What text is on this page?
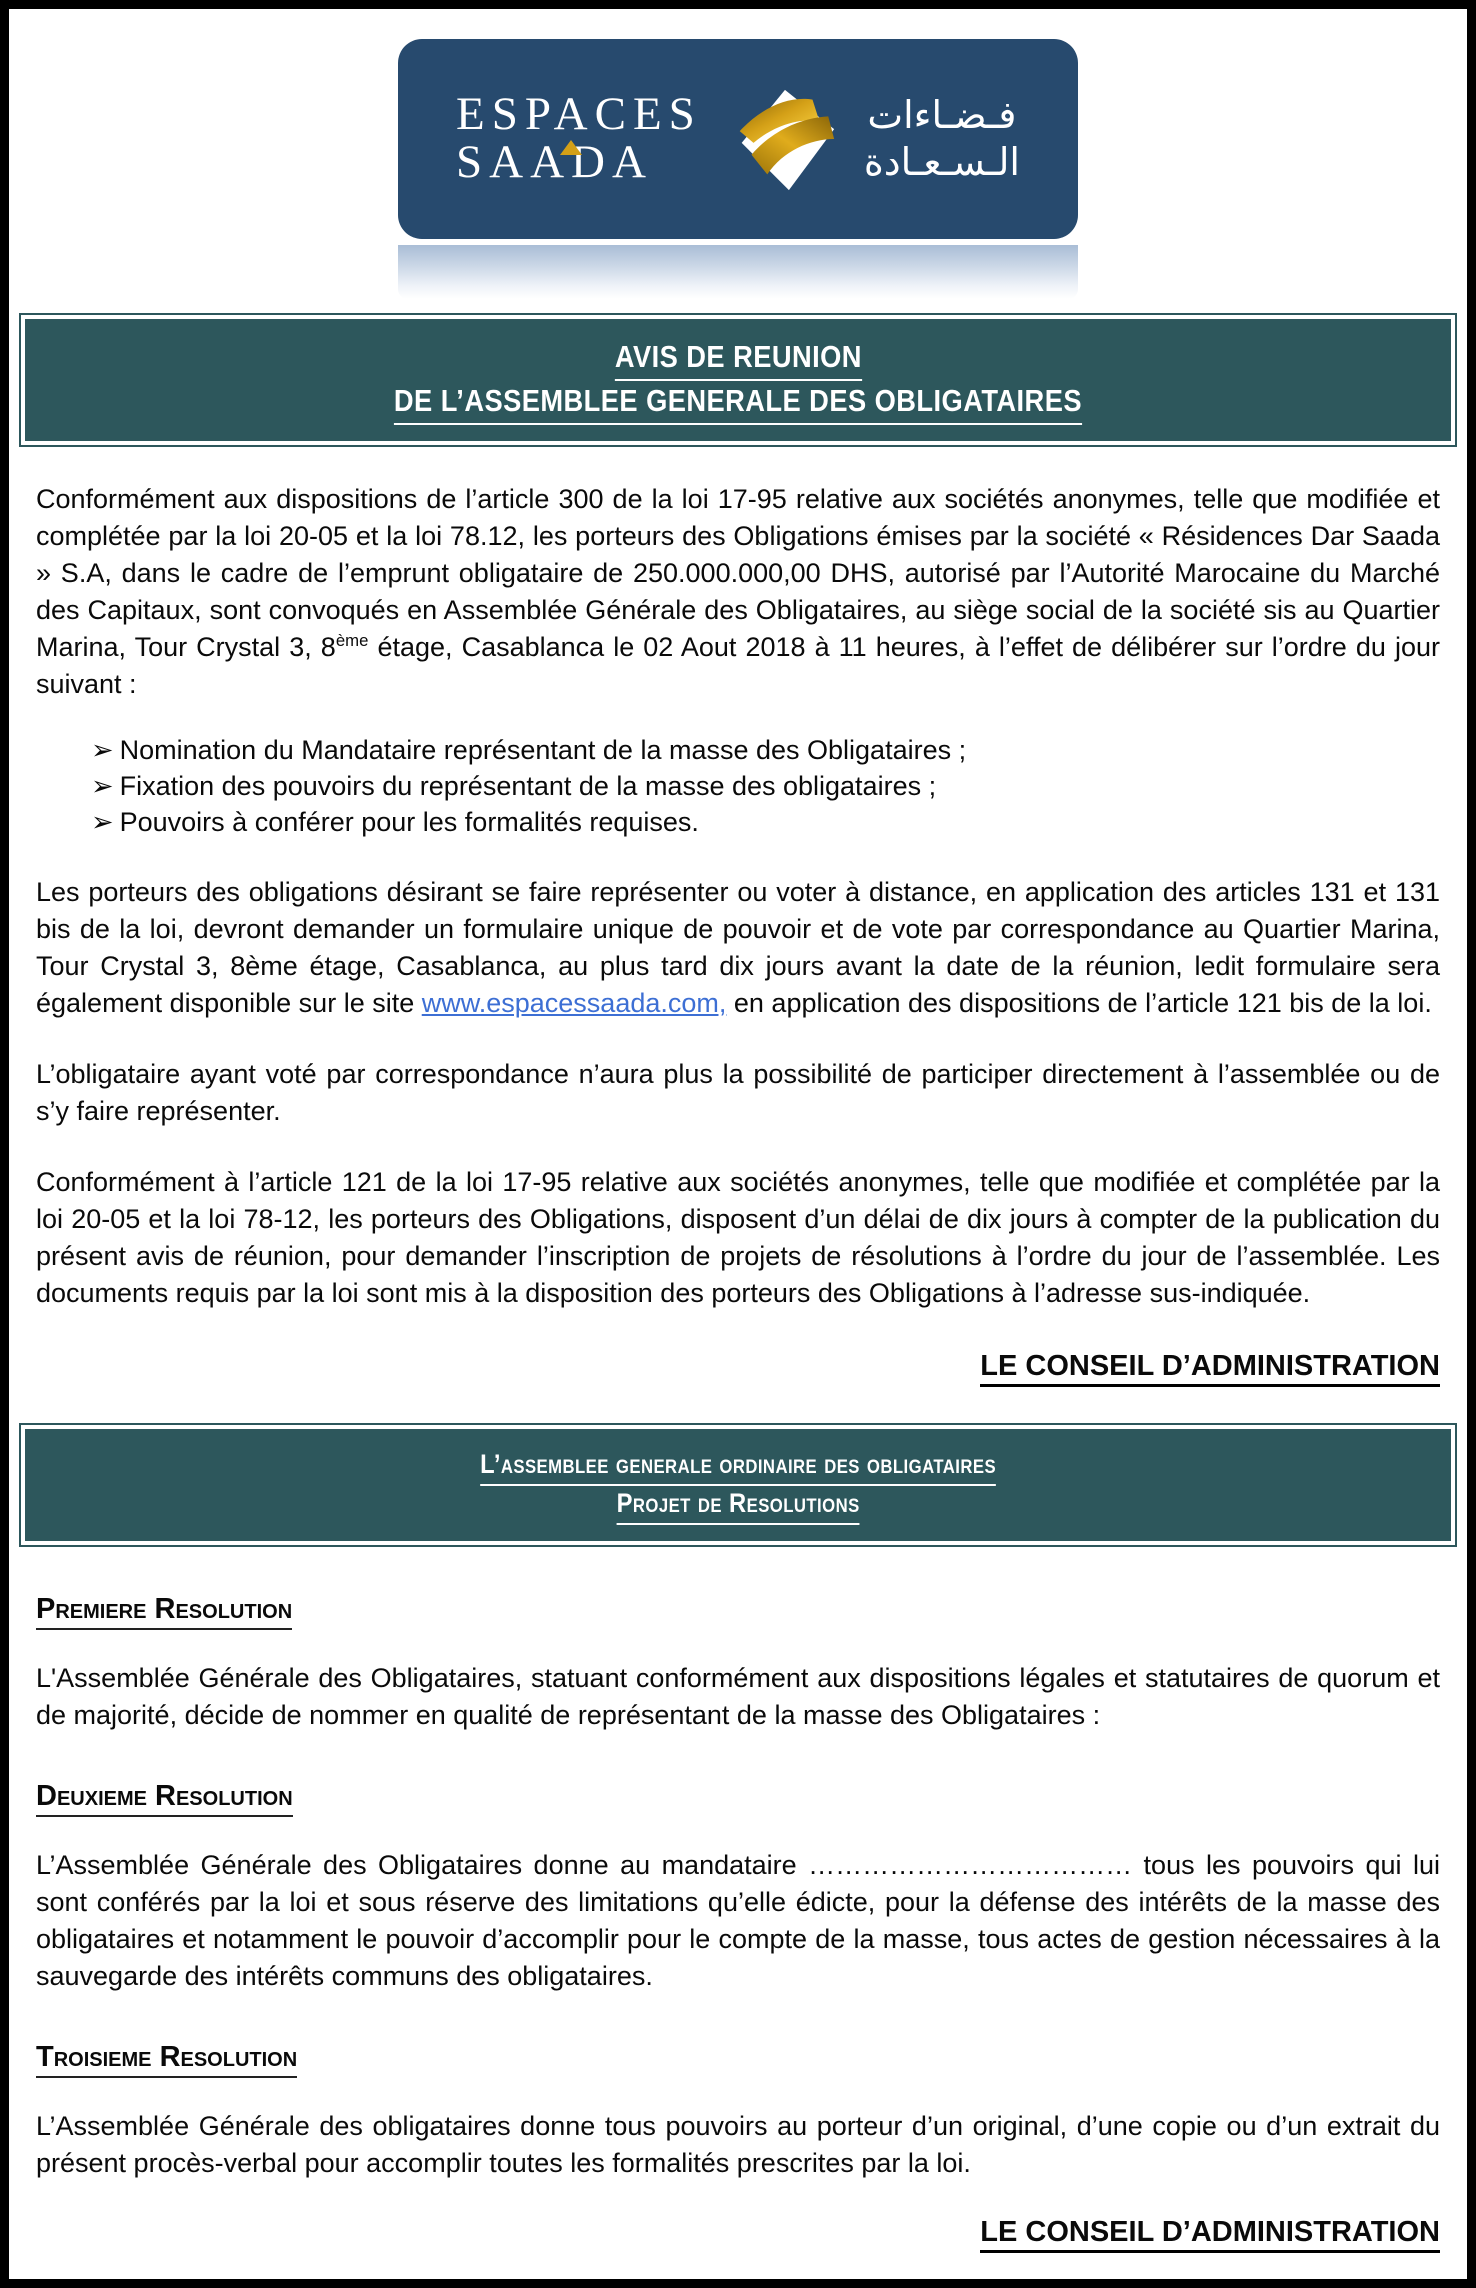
ESPACES
SAADA
فـضـاءات
الـسـعـادة
AVIS DE REUNION
DE L’ASSEMBLEE GENERALE DES OBLIGATAIRES

Conformément aux dispositions de l’article 300 de la loi 17-95 relative aux sociétés anonymes, telle que modifiée et complétée par la loi 20-05 et la loi 78.12, les porteurs des Obligations émises par la société « Résidences Dar Saada » S.A, dans le cadre de l’emprunt obligataire de 250.000.000,00 DHS, autorisé par l’Autorité Marocaine du Marché des Capitaux, sont convoqués en Assemblée Générale des Obligataires, au siège social de la société sis au Quartier Marina, Tour Crystal 3, 8ème étage, Casablanca le 02 Aout 2018 à 11 heures, à l’effet de délibérer sur l’ordre du jour suivant :

➢ Nomination du Mandataire représentant de la masse des Obligataires ;
➢ Fixation des pouvoirs du représentant de la masse des obligataires ;
➢ Pouvoirs à conférer pour les formalités requises.

Les porteurs des obligations désirant se faire représenter ou voter à distance, en application des articles 131 et 131 bis de la loi, devront demander un formulaire unique de pouvoir et de vote par correspondance au Quartier Marina, Tour Crystal 3, 8ème étage, Casablanca, au plus tard dix jours avant la date de la réunion, ledit formulaire sera également disponible sur le site www.espacessaada.com, en application des dispositions de l’article 121 bis de la loi.

L’obligataire ayant voté par correspondance n’aura plus la possibilité de participer directement à l’assemblée ou de s’y faire représenter.

Conformément à l’article 121 de la loi 17-95 relative aux sociétés anonymes, telle que modifiée et complétée par la loi 20-05 et la loi 78-12, les porteurs des Obligations, disposent d’un délai de dix jours à compter de la publication du présent avis de réunion, pour demander l’inscription de projets de résolutions à l’ordre du jour de l’assemblée. Les documents requis par la loi sont mis à la disposition des porteurs des Obligations à l’adresse sus-indiquée.

LE CONSEIL D’ADMINISTRATION
L’assemblee generale ordinaire des obligataires
Projet de Resolutions
Premiere Resolution

L'Assemblée Générale des Obligataires, statuant conformément aux dispositions légales et statutaires de quorum et de majorité, décide de nommer en qualité de représentant de la masse des Obligataires :

Deuxieme Resolution

L’Assemblée Générale des Obligataires donne au mandataire ……………………………… tous les pouvoirs qui lui sont conférés par la loi et sous réserve des limitations qu’elle édicte, pour la défense des intérêts de la masse des obligataires et notamment le pouvoir d’accomplir pour le compte de la masse, tous actes de gestion nécessaires à la sauvegarde des intérêts communs des obligataires.

Troisieme Resolution

L’Assemblée Générale des obligataires donne tous pouvoirs au porteur d’un original, d’une copie ou d’un extrait du présent procès-verbal pour accomplir toutes les formalités prescrites par la loi.

LE CONSEIL D’ADMINISTRATION
